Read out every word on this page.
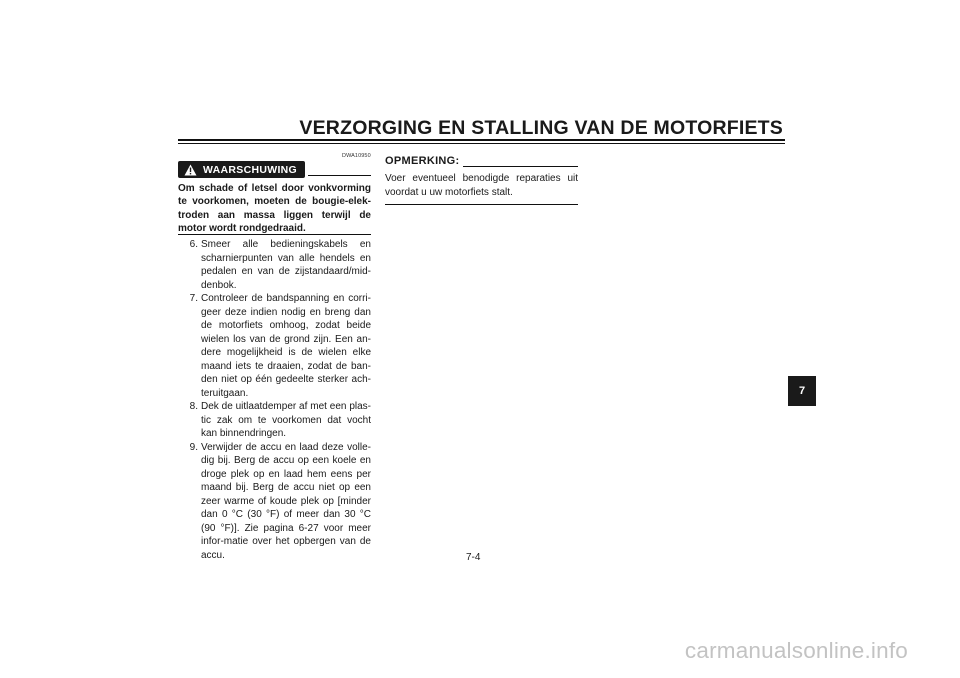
VERZORGING EN STALLING VAN DE MOTORFIETS
DWA10950
WAARSCHUWING
Om schade of letsel door vonkvorming te voorkomen, moeten de bougie-elek-troden aan massa liggen terwijl de motor wordt rondgedraaid.
6. Smeer alle bedieningskabels en scharnierpunten van alle hendels en pedalen en van de zijstandaard/mid-denbok.
7. Controleer de bandspanning en corri-geer deze indien nodig en breng dan de motorfiets omhoog, zodat beide wielen los van de grond zijn. Een an-dere mogelijkheid is de wielen elke maand iets te draaien, zodat de ban-den niet op één gedeelte sterker ach-teruitgaan.
8. Dek de uitlaatdemper af met een plas-tic zak om te voorkomen dat vocht kan binnendringen.
9. Verwijder de accu en laad deze volle-dig bij. Berg de accu op een koele en droge plek op en laad hem eens per maand bij. Berg de accu niet op een zeer warme of koude plek op [minder dan 0 °C (30 °F) of meer dan 30 °C (90 °F)]. Zie pagina 6-27 voor meer infor-matie over het opbergen van de accu.
OPMERKING:
Voer eventueel benodigde reparaties uit voordat u uw motorfiets stalt.
7-4
7
carmanualsonline.info
